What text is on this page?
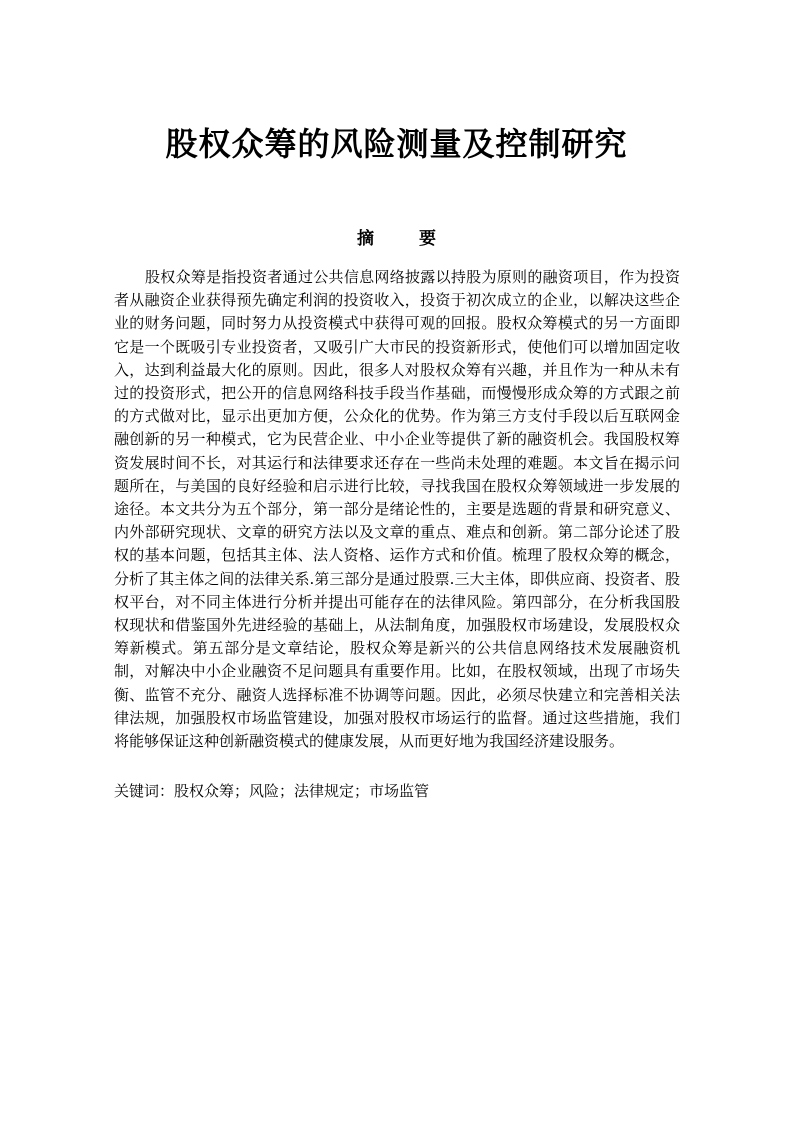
股权众筹的风险测量及控制研究
摘　要

股权众筹是指投资者通过公共信息网络披露以持股为原则的融资项目，作为投资者从融资企业获得预先确定利润的投资收入，投资于初次成立的企业，以解决这些企业的财务问题，同时努力从投资模式中获得可观的回报。股权众筹模式的另一方面即它是一个既吸引专业投资者，又吸引广大市民的投资新形式，使他们可以增加固定收入，达到利益最大化的原则。因此，很多人对股权众筹有兴趣，并且作为一种从未有过的投资形式，把公开的信息网络科技手段当作基础，而慢慢形成众筹的方式跟之前的方式做对比，显示出更加方便，公众化的优势。作为第三方支付手段以后互联网金融创新的另一种模式，它为民营企业、中小企业等提供了新的融资机会。我国股权筹资发展时间不长，对其运行和法律要求还存在一些尚未处理的难题。本文旨在揭示问题所在，与美国的良好经验和启示进行比较，寻找我国在股权众筹领域进一步发展的途径。本文共分为五个部分，第一部分是绪论性的，主要是选题的背景和研究意义、内外部研究现状、文章的研究方法以及文章的重点、难点和创新。第二部分论述了股权的基本问题，包括其主体、法人资格、运作方式和价值。梳理了股权众筹的概念，分析了其主体之间的法律关系.第三部分是通过股票.三大主体，即供应商、投资者、股权平台，对不同主体进行分析并提出可能存在的法律风险。第四部分，在分析我国股权现状和借鉴国外先进经验的基础上，从法制角度，加强股权市场建设，发展股权众筹新模式。第五部分是文章结论，股权众筹是新兴的公共信息网络技术发展融资机制，对解决中小企业融资不足问题具有重要作用。比如，在股权领域，出现了市场失衡、监管不充分、融资人选择标准不协调等问题。因此，必须尽快建立和完善相关法律法规，加强股权市场监管建设，加强对股权市场运行的监督。通过这些措施，我们将能够保证这种创新融资模式的健康发展，从而更好地为我国经济建设服务。

关键词：股权众筹；风险；法律规定；市场监管
